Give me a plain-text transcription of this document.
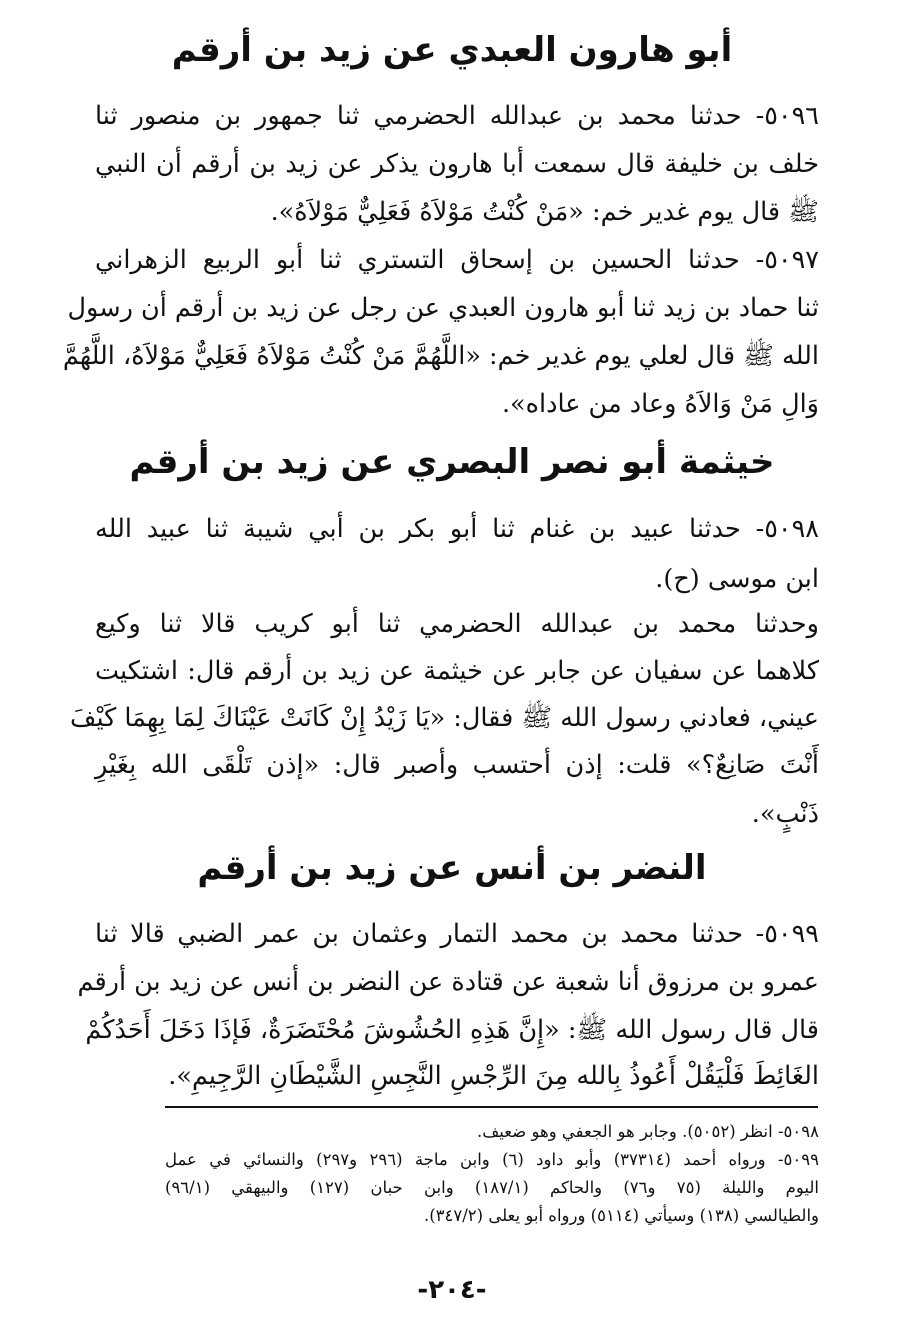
أبو هارون العبدي عن زيد بن أرقم
٥٠٩٦- حدثنا محمد بن عبدالله الحضرمي ثنا جمهور بن منصور ثنا
خلف بن خليفة قال سمعت أبا هارون يذكر عن زيد بن أرقم أن النبي
ﷺ قال يوم غدير خم: «مَنْ كُنْتُ مَوْلاَهُ فَعَلِيٌّ مَوْلاَهُ».
٥٠٩٧- حدثنا الحسين بن إسحاق التستري ثنا أبو الربيع الزهراني
ثنا حماد بن زيد ثنا أبو هارون العبدي عن رجل عن زيد بن أرقم أن رسول
الله ﷺ قال لعلي يوم غدير خم: «اللَّهُمَّ مَنْ كُنْتُ مَوْلاَهُ فَعَلِيٌّ مَوْلاَهُ، اللَّهُمَّ
وَالِ مَنْ وَالاَهُ وعاد من عاداه».
خيثمة أبو نصر البصري عن زيد بن أرقم
٥٠٩٨- حدثنا عبيد بن غنام ثنا أبو بكر بن أبي شيبة ثنا عبيد الله
ابن موسى (ح).
وحدثنا محمد بن عبدالله الحضرمي ثنا أبو كريب قالا ثنا وكيع
كلاهما عن سفيان عن جابر عن خيثمة عن زيد بن أرقم قال: اشتكيت
عيني، فعادني رسول الله ﷺ فقال: «يَا زَيْدُ إِنْ كَانَتْ عَيْنَاكَ لِمَا بِهِمَا كَيْفَ
أَنْتَ صَانِعٌ؟» قلت: إذن أحتسب وأصبر قال: «إذن تَلْقَى الله بِغَيْرِ
ذَنْبٍ».
النضر بن أنس عن زيد بن أرقم
٥٠٩٩- حدثنا محمد بن محمد التمار وعثمان بن عمر الضبي قالا ثنا
عمرو بن مرزوق أنا شعبة عن قتادة عن النضر بن أنس عن زيد بن أرقم
قال قال رسول الله ﷺ: «إِنَّ هَذِهِ الحُشُوشَ مُحْتَضَرَةٌ، فَإذَا دَخَلَ أَحَدُكُمْ
الغَائِطَ فَلْيَقُلْ أَعُوذُ بِالله مِنَ الرِّجْسِ النَّجِسِ الشَّيْطَانِ الرَّجِيمِ».
٥٠٩٨- انظر (٥٠٥٢). وجابر هو الجعفي وهو ضعيف.
٥٠٩٩- ورواه أحمد (٣٧٣١٤) وأبو داود (٦) وابن ماجة (٢٩٦ و٢٩٧) والنسائي في عمل
اليوم والليلة (٧٥ و٧٦) والحاكم (١٨٧/١) وابن حبان (١٢٧) والبيهقي (٩٦/١)
والطيالسي (١٣٨) وسيأتي (٥١١٤) ورواه أبو يعلى (٣٤٧/٢).
-٢٠٤-
